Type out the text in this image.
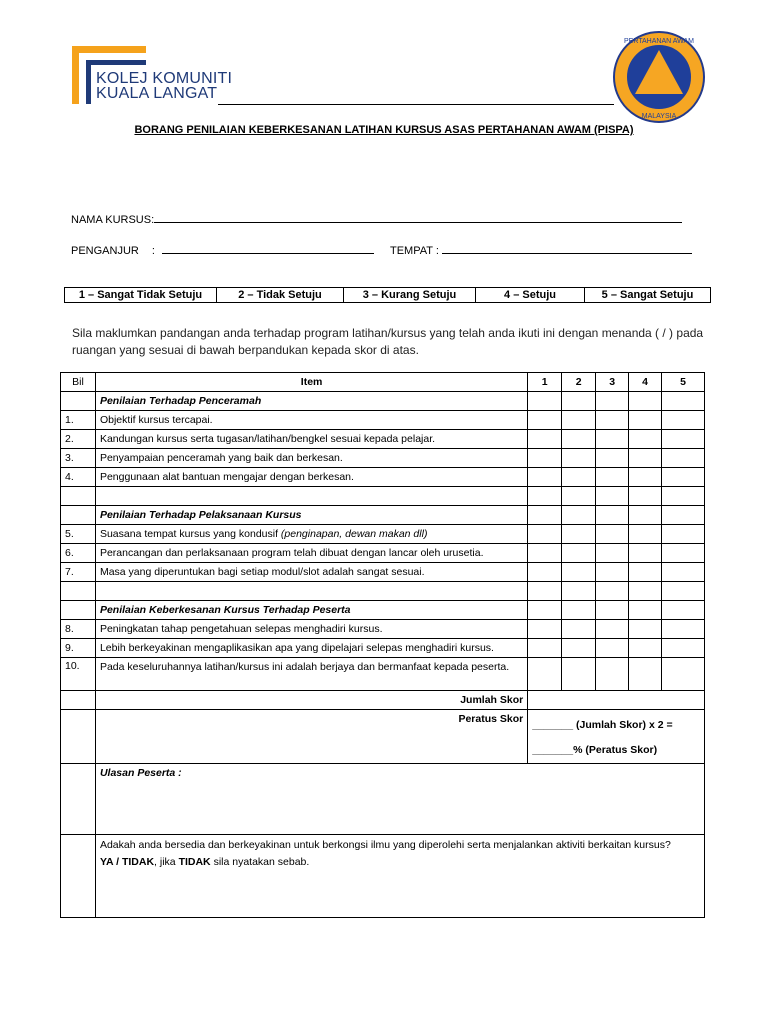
KOLEJ KOMUNITI
KUALA LANGAT
PERTAHANAN AWAM
MALAYSIA
BORANG PENILAIAN KEBERKESANAN LATIHAN KURSUS ASAS PERTAHANAN AWAM (PISPA)
NAMA KURSUS:
PENGANJUR :	TEMPAT :
1 – Sangat Tidak Setuju	2 – Tidak Setuju	3 – Kurang Setuju	4 – Setuju	5 – Sangat Setuju
Sila maklumkan pandangan anda terhadap program latihan/kursus yang telah anda ikuti ini dengan menanda ( / ) pada ruangan yang sesuai di bawah berpandukan kepada skor di atas.
Bil	Item	1	2	3	4	5
	Penilaian Terhadap Penceramah					
1.	Objektif kursus tercapai.					
2.	Kandungan kursus serta tugasan/latihan/bengkel sesuai kepada pelajar.					
3.	Penyampaian penceramah yang baik dan berkesan.					
4.	Penggunaan alat bantuan mengajar dengan berkesan.					

	Penilaian Terhadap Pelaksanaan Kursus					
5.	Suasana tempat kursus yang kondusif (penginapan, dewan makan dll)					
6.	Perancangan dan perlaksanaan program telah dibuat dengan lancar oleh urusetia.					
7.	Masa yang diperuntukan bagi setiap modul/slot adalah sangat sesuai.					

	Penilaian Keberkesanan Kursus Terhadap Peserta					
8.	Peningkatan tahap pengetahuan selepas menghadiri kursus.					
9.	Lebih berkeyakinan mengaplikasikan apa yang dipelajari selepas menghadiri kursus.					
10.	Pada keseluruhannya latihan/kursus ini adalah berjaya dan bermanfaat kepada peserta.					
	Jumlah Skor					
	Peratus Skor	_______ (Jumlah Skor) x 2 =
_______% (Peratus Skor)				

	Ulasan Peserta :					

	Adakah anda bersedia dan berkeyakinan untuk berkongsi ilmu yang diperolehi serta menjalankan aktiviti berkaitan kursus?
YA / TIDAK, jika TIDAK sila nyatakan sebab.					
